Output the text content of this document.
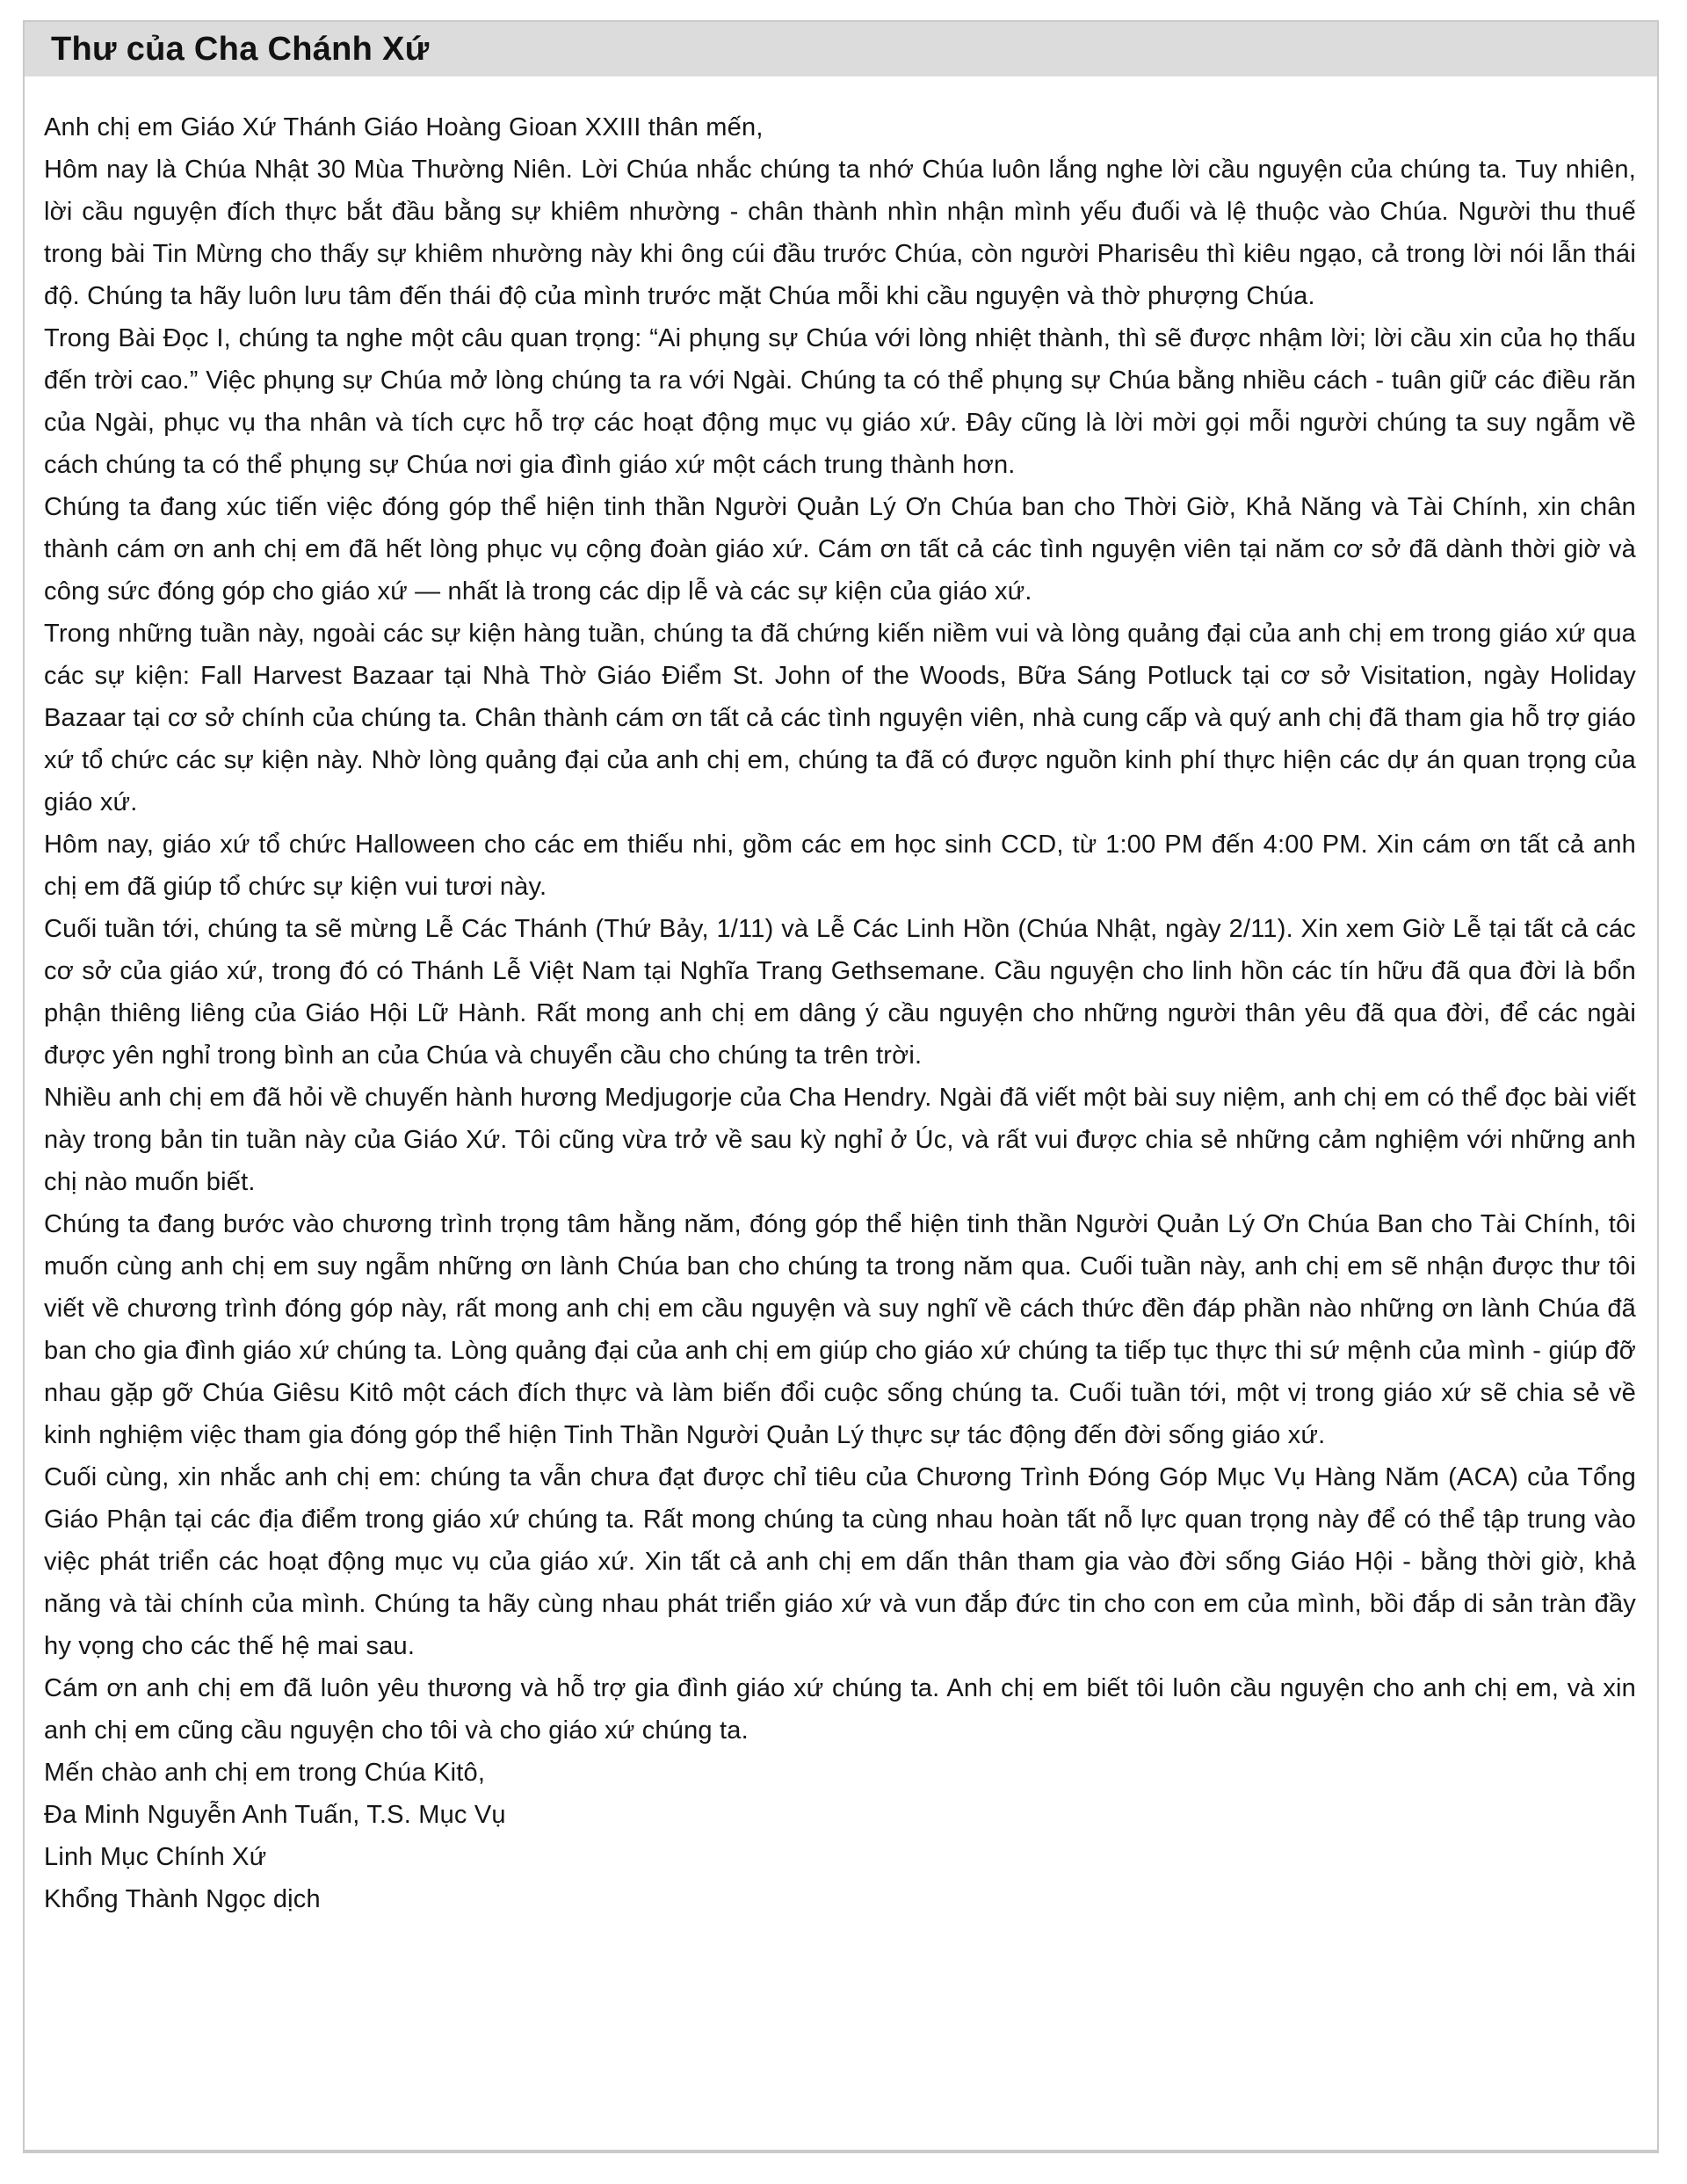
Thư của Cha Chánh Xứ

Anh chị em Giáo Xứ Thánh Giáo Hoàng Gioan XXIII thân mến,

Hôm nay là Chúa Nhật 30 Mùa Thường Niên. Lời Chúa nhắc chúng ta nhớ Chúa luôn lắng nghe lời cầu nguyện của chúng ta. Tuy nhiên, lời cầu nguyện đích thực bắt đầu bằng sự khiêm nhường - chân thành nhìn nhận mình yếu đuối và lệ thuộc vào Chúa. Người thu thuế trong bài Tin Mừng cho thấy sự khiêm nhường này khi ông cúi đầu trước Chúa, còn người Pharisêu thì kiêu ngạo, cả trong lời nói lẫn thái độ. Chúng ta hãy luôn lưu tâm đến thái độ của mình trước mặt Chúa mỗi khi cầu nguyện và thờ phượng Chúa.

Trong Bài Đọc I, chúng ta nghe một câu quan trọng: “Ai phụng sự Chúa với lòng nhiệt thành, thì sẽ được nhậm lời; lời cầu xin của họ thấu đến trời cao.” Việc phụng sự Chúa mở lòng chúng ta ra với Ngài. Chúng ta có thể phụng sự Chúa bằng nhiều cách - tuân giữ các điều răn của Ngài, phục vụ tha nhân và tích cực hỗ trợ các hoạt động mục vụ giáo xứ. Đây cũng là lời mời gọi mỗi người chúng ta suy ngẫm về cách chúng ta có thể phụng sự Chúa nơi gia đình giáo xứ một cách trung thành hơn.

Chúng ta đang xúc tiến việc đóng góp thể hiện tinh thần Người Quản Lý Ơn Chúa ban cho Thời Giờ, Khả Năng và Tài Chính, xin chân thành cám ơn anh chị em đã hết lòng phục vụ cộng đoàn giáo xứ. Cám ơn tất cả các tình nguyện viên tại năm cơ sở đã dành thời giờ và công sức đóng góp cho giáo xứ — nhất là trong các dịp lễ và các sự kiện của giáo xứ.

Trong những tuần này, ngoài các sự kiện hàng tuần, chúng ta đã chứng kiến niềm vui và lòng quảng đại của anh chị em trong giáo xứ qua các sự kiện: Fall Harvest Bazaar tại Nhà Thờ Giáo Điểm St. John of the Woods, Bữa Sáng Potluck tại cơ sở Visitation, ngày Holiday Bazaar tại cơ sở chính của chúng ta. Chân thành cám ơn tất cả các tình nguyện viên, nhà cung cấp và quý anh chị đã tham gia hỗ trợ giáo xứ tổ chức các sự kiện này. Nhờ lòng quảng đại của anh chị em, chúng ta đã có được nguồn kinh phí thực hiện các dự án quan trọng của giáo xứ.

Hôm nay, giáo xứ tổ chức Halloween cho các em thiếu nhi, gồm các em học sinh CCD, từ 1:00 PM đến 4:00 PM. Xin cám ơn tất cả anh chị em đã giúp tổ chức sự kiện vui tươi này.

Cuối tuần tới, chúng ta sẽ mừng Lễ Các Thánh (Thứ Bảy, 1/11) và Lễ Các Linh Hồn (Chúa Nhật, ngày 2/11). Xin xem Giờ Lễ tại tất cả các cơ sở của giáo xứ, trong đó có Thánh Lễ Việt Nam tại Nghĩa Trang Gethsemane. Cầu nguyện cho linh hồn các tín hữu đã qua đời là bổn phận thiêng liêng của Giáo Hội Lữ Hành. Rất mong anh chị em dâng ý cầu nguyện cho những người thân yêu đã qua đời, để các ngài được yên nghỉ trong bình an của Chúa và chuyển cầu cho chúng ta trên trời.

Nhiều anh chị em đã hỏi về chuyến hành hương Medjugorje của Cha Hendry. Ngài đã viết một bài suy niệm, anh chị em có thể đọc bài viết này trong bản tin tuần này của Giáo Xứ. Tôi cũng vừa trở về sau kỳ nghỉ ở Úc, và rất vui được chia sẻ những cảm nghiệm với những anh chị nào muốn biết.

Chúng ta đang bước vào chương trình trọng tâm hằng năm, đóng góp thể hiện tinh thần Người Quản Lý Ơn Chúa Ban cho Tài Chính, tôi muốn cùng anh chị em suy ngẫm những ơn lành Chúa ban cho chúng ta trong năm qua. Cuối tuần này, anh chị em sẽ nhận được thư tôi viết về chương trình đóng góp này, rất mong anh chị em cầu nguyện và suy nghĩ về cách thức đền đáp phần nào những ơn lành Chúa đã ban cho gia đình giáo xứ chúng ta. Lòng quảng đại của anh chị em giúp cho giáo xứ chúng ta tiếp tục thực thi sứ mệnh của mình - giúp đỡ nhau gặp gỡ Chúa Giêsu Kitô một cách đích thực và làm biến đổi cuộc sống chúng ta. Cuối tuần tới, một vị trong giáo xứ sẽ chia sẻ về kinh nghiệm việc tham gia đóng góp thể hiện Tinh Thần Người Quản Lý thực sự tác động đến đời sống giáo xứ.

Cuối cùng, xin nhắc anh chị em: chúng ta vẫn chưa đạt được chỉ tiêu của Chương Trình Đóng Góp Mục Vụ Hàng Năm (ACA) của Tổng Giáo Phận tại các địa điểm trong giáo xứ chúng ta. Rất mong chúng ta cùng nhau hoàn tất nỗ lực quan trọng này để có thể tập trung vào việc phát triển các hoạt động mục vụ của giáo xứ. Xin tất cả anh chị em dấn thân tham gia vào đời sống Giáo Hội - bằng thời giờ, khả năng và tài chính của mình. Chúng ta hãy cùng nhau phát triển giáo xứ và vun đắp đức tin cho con em của mình, bồi đắp di sản tràn đầy hy vọng cho các thế hệ mai sau.

Cám ơn anh chị em đã luôn yêu thương và hỗ trợ gia đình giáo xứ chúng ta. Anh chị em biết tôi luôn cầu nguyện cho anh chị em, và xin anh chị em cũng cầu nguyện cho tôi và cho giáo xứ chúng ta.

Mến chào anh chị em trong Chúa Kitô,

Đa Minh Nguyễn Anh Tuấn, T.S. Mục Vụ

Linh Mục Chính Xứ

Khổng Thành Ngọc dịch
